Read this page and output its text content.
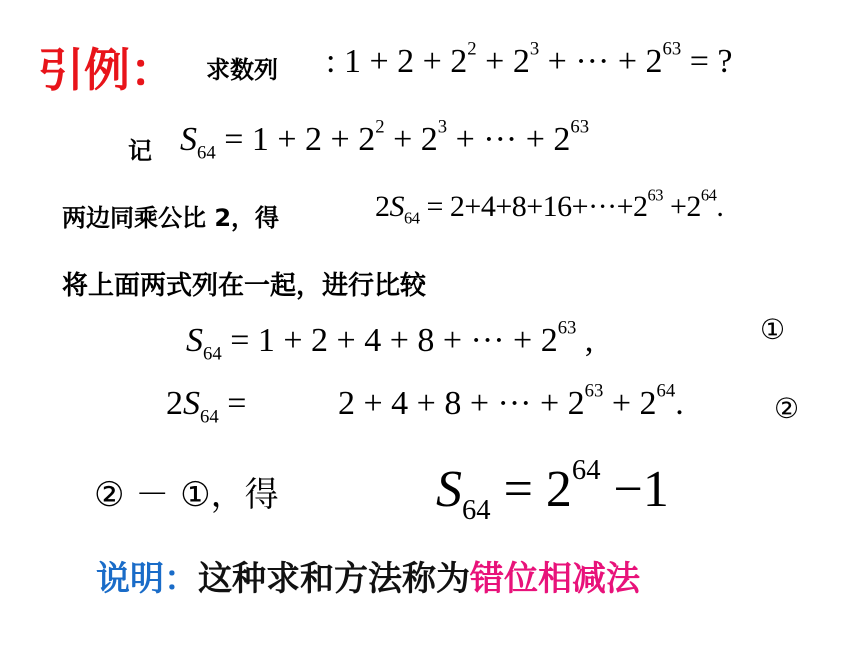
引例： 求数列 : $1 + 2 + 2^2 + 2^3$ + ··· + $2^{63}$ = ?
记 $S_{64} = 1 + 2 + 2^2 + 2^3$ + ··· + $2^{63}$
两边同乘公比 2，得	$2S_{64} = 2+4+8+16+\cdot\cdot\cdot+2^{63} +2^{64}$.
将上面两式列在一起，进行比较
$S_{64} = 1 + 2 + 4 + 8$ + ··· + $2^{63}$ ,	①
$2S_{64}$ =	2 + 4 + 8 + ··· + $2^{63} + 2^{64}$.	②
② － ①，得	$S_{64} = 2^{64} -1$
说明：这种求和方法称为错位相减法
